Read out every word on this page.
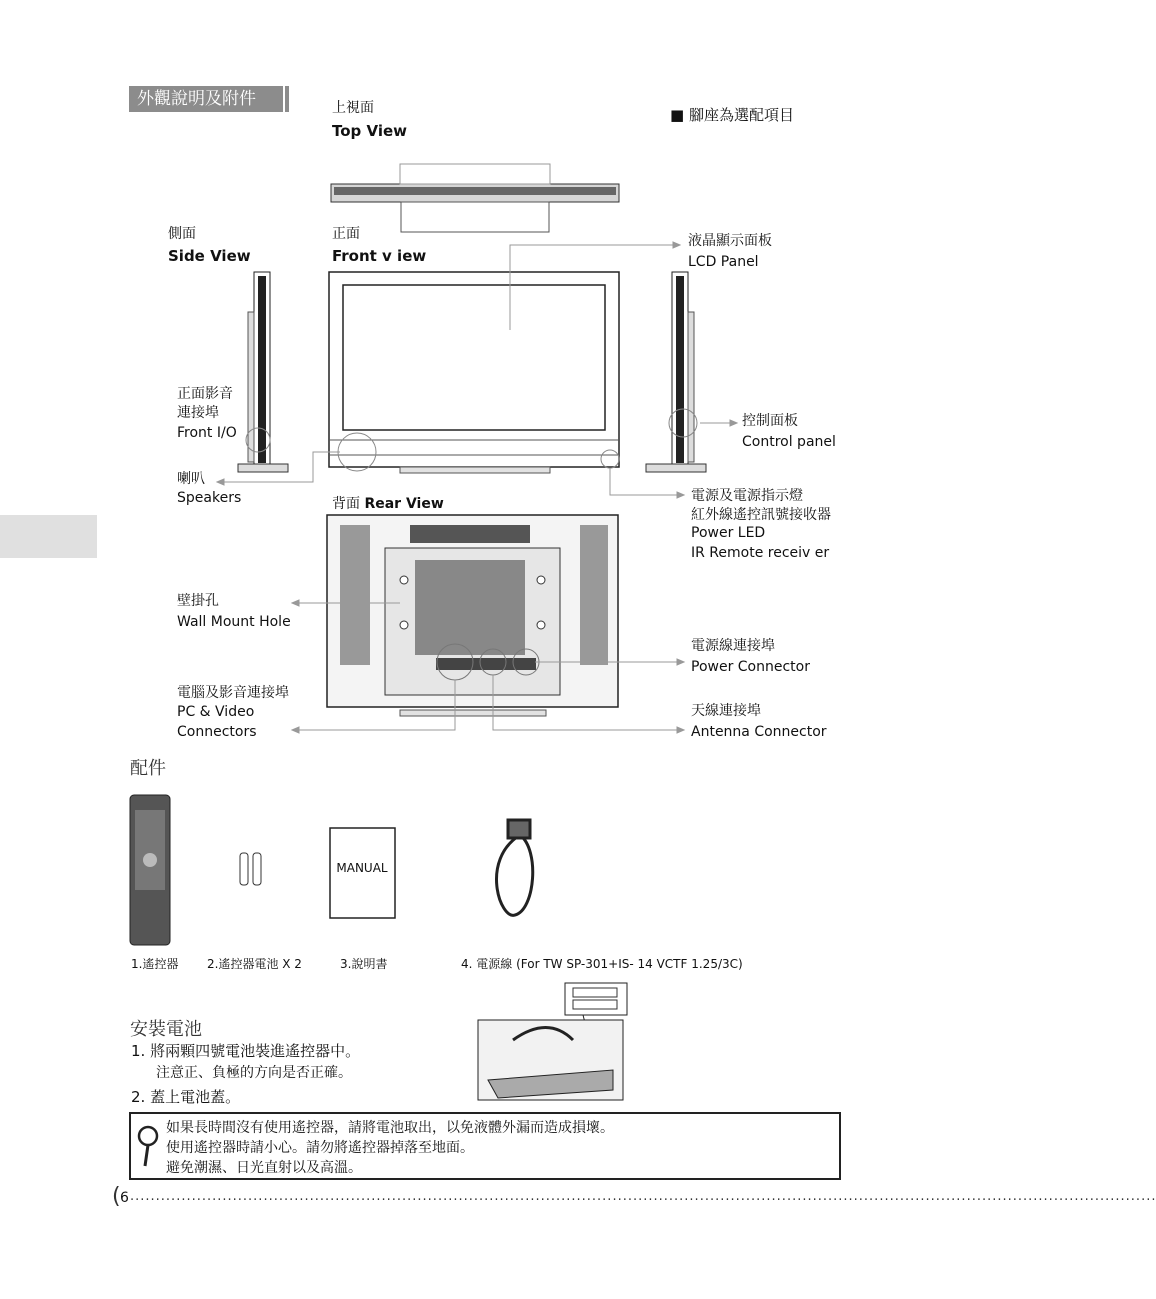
外觀說明及附件	上視面
Top View
■ 腳座為選配項目
側面
Side View
正面
Front v iew
背面 Rear View
液晶顯示面板
LCD Panel
正面影音
連接埠
Front I/O
控制面板
Control panel
喇叭
Speakers	電源及電源指示燈
紅外線遙控訊號接收器
Power LED
IR Remote receiv er
壁掛孔
Wall Mount Hole
電源線連接埠
Power Connector
電腦及影音連接埠
PC & Video
Connectors
天線連接埠
Antenna Connector
配件
MANUAL
1.遙控器 2.遙控器電池 X 2	3.說明書	4. 電源線 (For TW SP-301+IS- 14 VCTF 1.25/3C)
安裝電池
1. 將兩顆四號電池裝進遙控器中。
注意正、負極的方向是否正確。
2. 蓋上電池蓋。
如果長時間沒有使用遙控器，請將電池取出，以免液體外漏而造成損壞。
使用遙控器時請小心。請勿將遙控器掉落至地面。
避免潮濕、日光直射以及高溫。
( 6 ........................................................................................................................................................................................................
